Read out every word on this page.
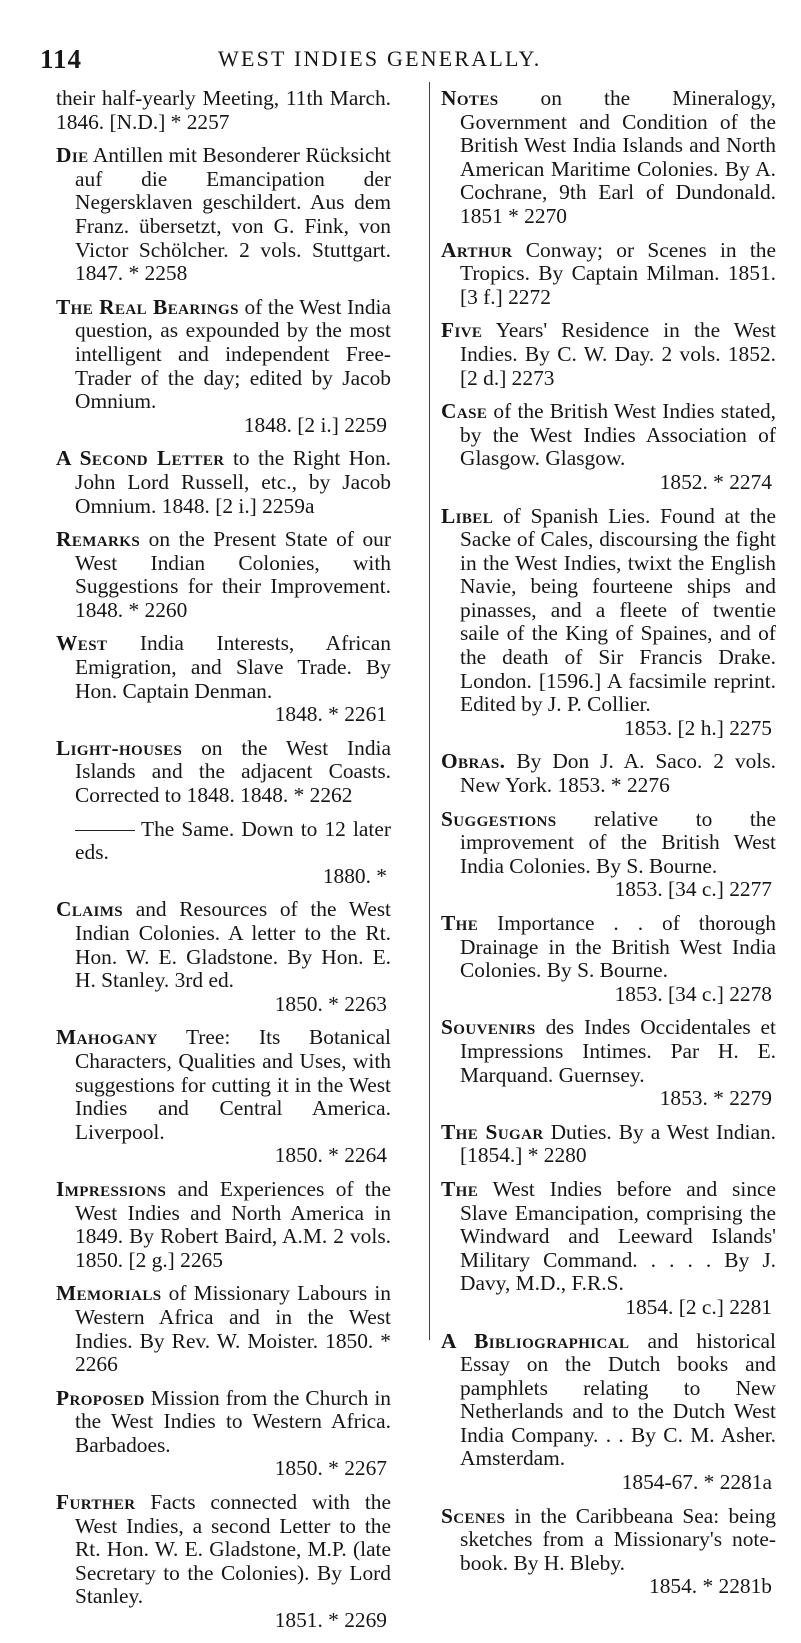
114	WEST INDIES GENERALLY.

their half-yearly Meeting, 11th March. 1846. [N.D.] * 2257

Die Antillen mit Besonderer Rücksicht auf die Emancipation der Negersklaven geschildert. Aus dem Franz. übersetzt, von G. Fink, von Victor Schölcher. 2 vols. Stuttgart. 1847. * 2258

The Real Bearings of the West India question, as expounded by the most intelligent and independent Free-Trader of the day; edited by Jacob Omnium.
1848. [2 i.] 2259

A Second Letter to the Right Hon. John Lord Russell, etc., by Jacob Omnium. 1848. [2 i.] 2259a

Remarks on the Present State of our West Indian Colonies, with Suggestions for their Improvement. 1848. * 2260

West India Interests, African Emigration, and Slave Trade. By Hon. Captain Denman.
1848. * 2261

Light-houses on the West India Islands and the adjacent Coasts. Corrected to 1848. 1848. * 2262

The Same. Down to 12 later eds.
1880. *

Claims and Resources of the West Indian Colonies. A letter to the Rt. Hon. W. E. Gladstone. By Hon. E. H. Stanley. 3rd ed.
1850. * 2263

Mahogany Tree: Its Botanical Characters, Qualities and Uses, with suggestions for cutting it in the West Indies and Central America. Liverpool.
1850. * 2264

Impressions and Experiences of the West Indies and North America in 1849. By Robert Baird, A.M. 2 vols. 1850. [2 g.] 2265

Memorials of Missionary Labours in Western Africa and in the West Indies. By Rev. W. Moister. 1850. * 2266

Proposed Mission from the Church in the West Indies to Western Africa. Barbadoes.
1850. * 2267

Further Facts connected with the West Indies, a second Letter to the Rt. Hon. W. E. Gladstone, M.P. (late Secretary to the Colonies). By Lord Stanley.
1851. * 2269

Notes on the Mineralogy, Government and Condition of the British West India Islands and North American Maritime Colonies. By A. Cochrane, 9th Earl of Dundonald. 1851 * 2270

Arthur Conway; or Scenes in the Tropics. By Captain Milman. 1851. [3 f.] 2272

Five Years' Residence in the West Indies. By C. W. Day. 2 vols. 1852. [2 d.] 2273

Case of the British West Indies stated, by the West Indies Association of Glasgow. Glasgow.
1852. * 2274

Libel of Spanish Lies. Found at the Sacke of Cales, discoursing the fight in the West Indies, twixt the English Navie, being fourteene ships and pinasses, and a fleete of twentie saile of the King of Spaines, and of the death of Sir Francis Drake. London. [1596.] A facsimile reprint. Edited by J. P. Collier.
1853. [2 h.] 2275

Obras. By Don J. A. Saco. 2 vols. New York. 1853. * 2276

Suggestions relative to the improvement of the British West India Colonies. By S. Bourne.
1853. [34 c.] 2277

The Importance . . of thorough Drainage in the British West India Colonies. By S. Bourne.
1853. [34 c.] 2278

Souvenirs des Indes Occidentales et Impressions Intimes. Par H. E. Marquand. Guernsey.
1853. * 2279

The Sugar Duties. By a West Indian. [1854.] * 2280

The West Indies before and since Slave Emancipation, comprising the Windward and Leeward Islands' Military Command. . . . . By J. Davy, M.D., F.R.S.
1854. [2 c.] 2281

A Bibliographical and historical Essay on the Dutch books and pamphlets relating to New Netherlands and to the Dutch West India Company. . . By C. M. Asher. Amsterdam.
1854-67. * 2281a

Scenes in the Caribbeana Sea: being sketches from a Missionary's note-book. By H. Bleby.
1854. * 2281b
